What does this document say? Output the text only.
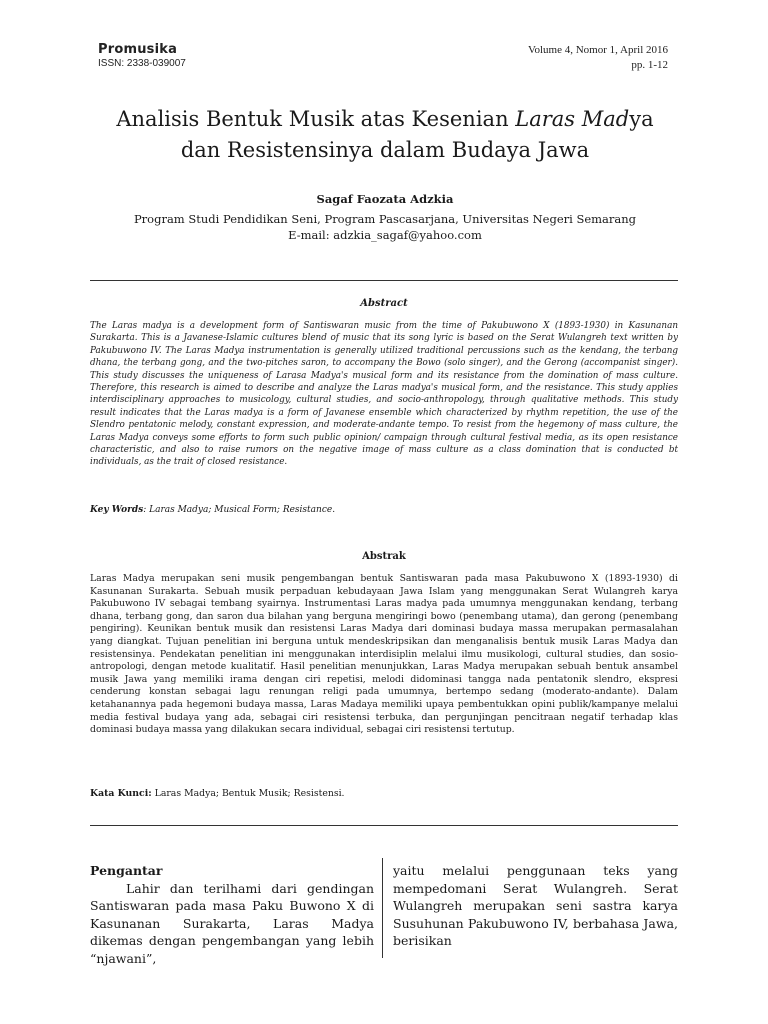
Promusika
ISSN: 2338-039007
Volume 4, Nomor 1, April 2016
pp. 1-12
Analisis Bentuk Musik atas Kesenian Laras Madya
dan Resistensinya dalam Budaya Jawa
Sagaf Faozata Adzkia
Program Studi Pendidikan Seni, Program Pascasarjana, Universitas Negeri Semarang
E-mail: adzkia_sagaf@yahoo.com
Abstract
The Laras madya is a development form of Santiswaran music from the time of Pakubuwono X (1893-1930) in Kasunanan Surakarta. This is a Javanese-Islamic cultures blend of music that its song lyric is based on the Serat Wulangreh text written by Pakubuwono IV. The Laras Madya instrumentation is generally utilized traditional percussions such as the kendang, the terbang dhana, the terbang gong, and the two-pitches saron, to accompany the Bowo (solo singer), and the Gerong (accompanist singer). This study discusses the uniqueness of Larasa Madya's musical form and its resistance from the domination of mass culture. Therefore, this research is aimed to describe and analyze the Laras madya's musical form, and the resistance. This study applies interdisciplinary approaches to musicology, cultural studies, and socio-anthropology, through qualitative methods. This study result indicates that the Laras madya is a form of Javanese ensemble which characterized by rhythm repetition, the use of the Slendro pentatonic melody, constant expression, and moderate-andante tempo. To resist from the hegemony of mass culture, the Laras Madya conveys some efforts to form such public opinion/ campaign through cultural festival media, as its open resistance characteristic, and also to raise rumors on the negative image of mass culture as a class domination that is conducted bt individuals, as the trait of closed resistance.
Key Words: Laras Madya; Musical Form; Resistance.
Abstrak
Laras Madya merupakan seni musik pengembangan bentuk Santiswaran pada masa Pakubuwono X (1893-1930) di Kasunanan Surakarta. Sebuah musik perpaduan kebudayaan Jawa Islam yang menggunakan Serat Wulangreh karya Pakubuwono IV sebagai tembang syairnya. Instrumentasi Laras madya pada umumnya menggunakan kendang, terbang dhana, terbang gong, dan saron dua bilahan yang berguna mengiringi bowo (penembang utama), dan gerong (penembang pengiring). Keunikan bentuk musik dan resistensi Laras Madya dari dominasi budaya massa merupakan permasalahan yang diangkat. Tujuan penelitian ini berguna untuk mendeskripsikan dan menganalisis bentuk musik Laras Madya dan resistensinya. Pendekatan penelitian ini menggunakan interdisiplin melalui ilmu musikologi, cultural studies, dan sosio-antropologi, dengan metode kualitatif. Hasil penelitian menunjukkan, Laras Madya merupakan sebuah bentuk ansambel musik Jawa yang memiliki irama dengan ciri repetisi, melodi didominasi tangga nada pentatonik slendro, ekspresi cenderung konstan sebagai lagu renungan religi pada umumnya, bertempo sedang (moderato-andante). Dalam ketahanannya pada hegemoni budaya massa, Laras Madaya memiliki upaya pembentukkan opini publik/kampanye melalui media festival budaya yang ada, sebagai ciri resistensi terbuka, dan pergunjingan pencitraan negatif terhadap klas dominasi budaya massa yang dilakukan secara individual, sebagai ciri resistensi tertutup.
Kata Kunci: Laras Madya; Bentuk Musik; Resistensi.
Pengantar
Lahir dan terilhami dari gendingan Santiswaran pada masa Paku Buwono X di Kasunanan Surakarta, Laras Madya dikemas dengan pengembangan yang lebih “njawani”,
yaitu melalui penggunaan teks yang mempedomani Serat Wulangreh. Serat Wulangreh merupakan seni sastra karya Susuhunan Pakubuwono IV, berbahasa Jawa, berisikan
